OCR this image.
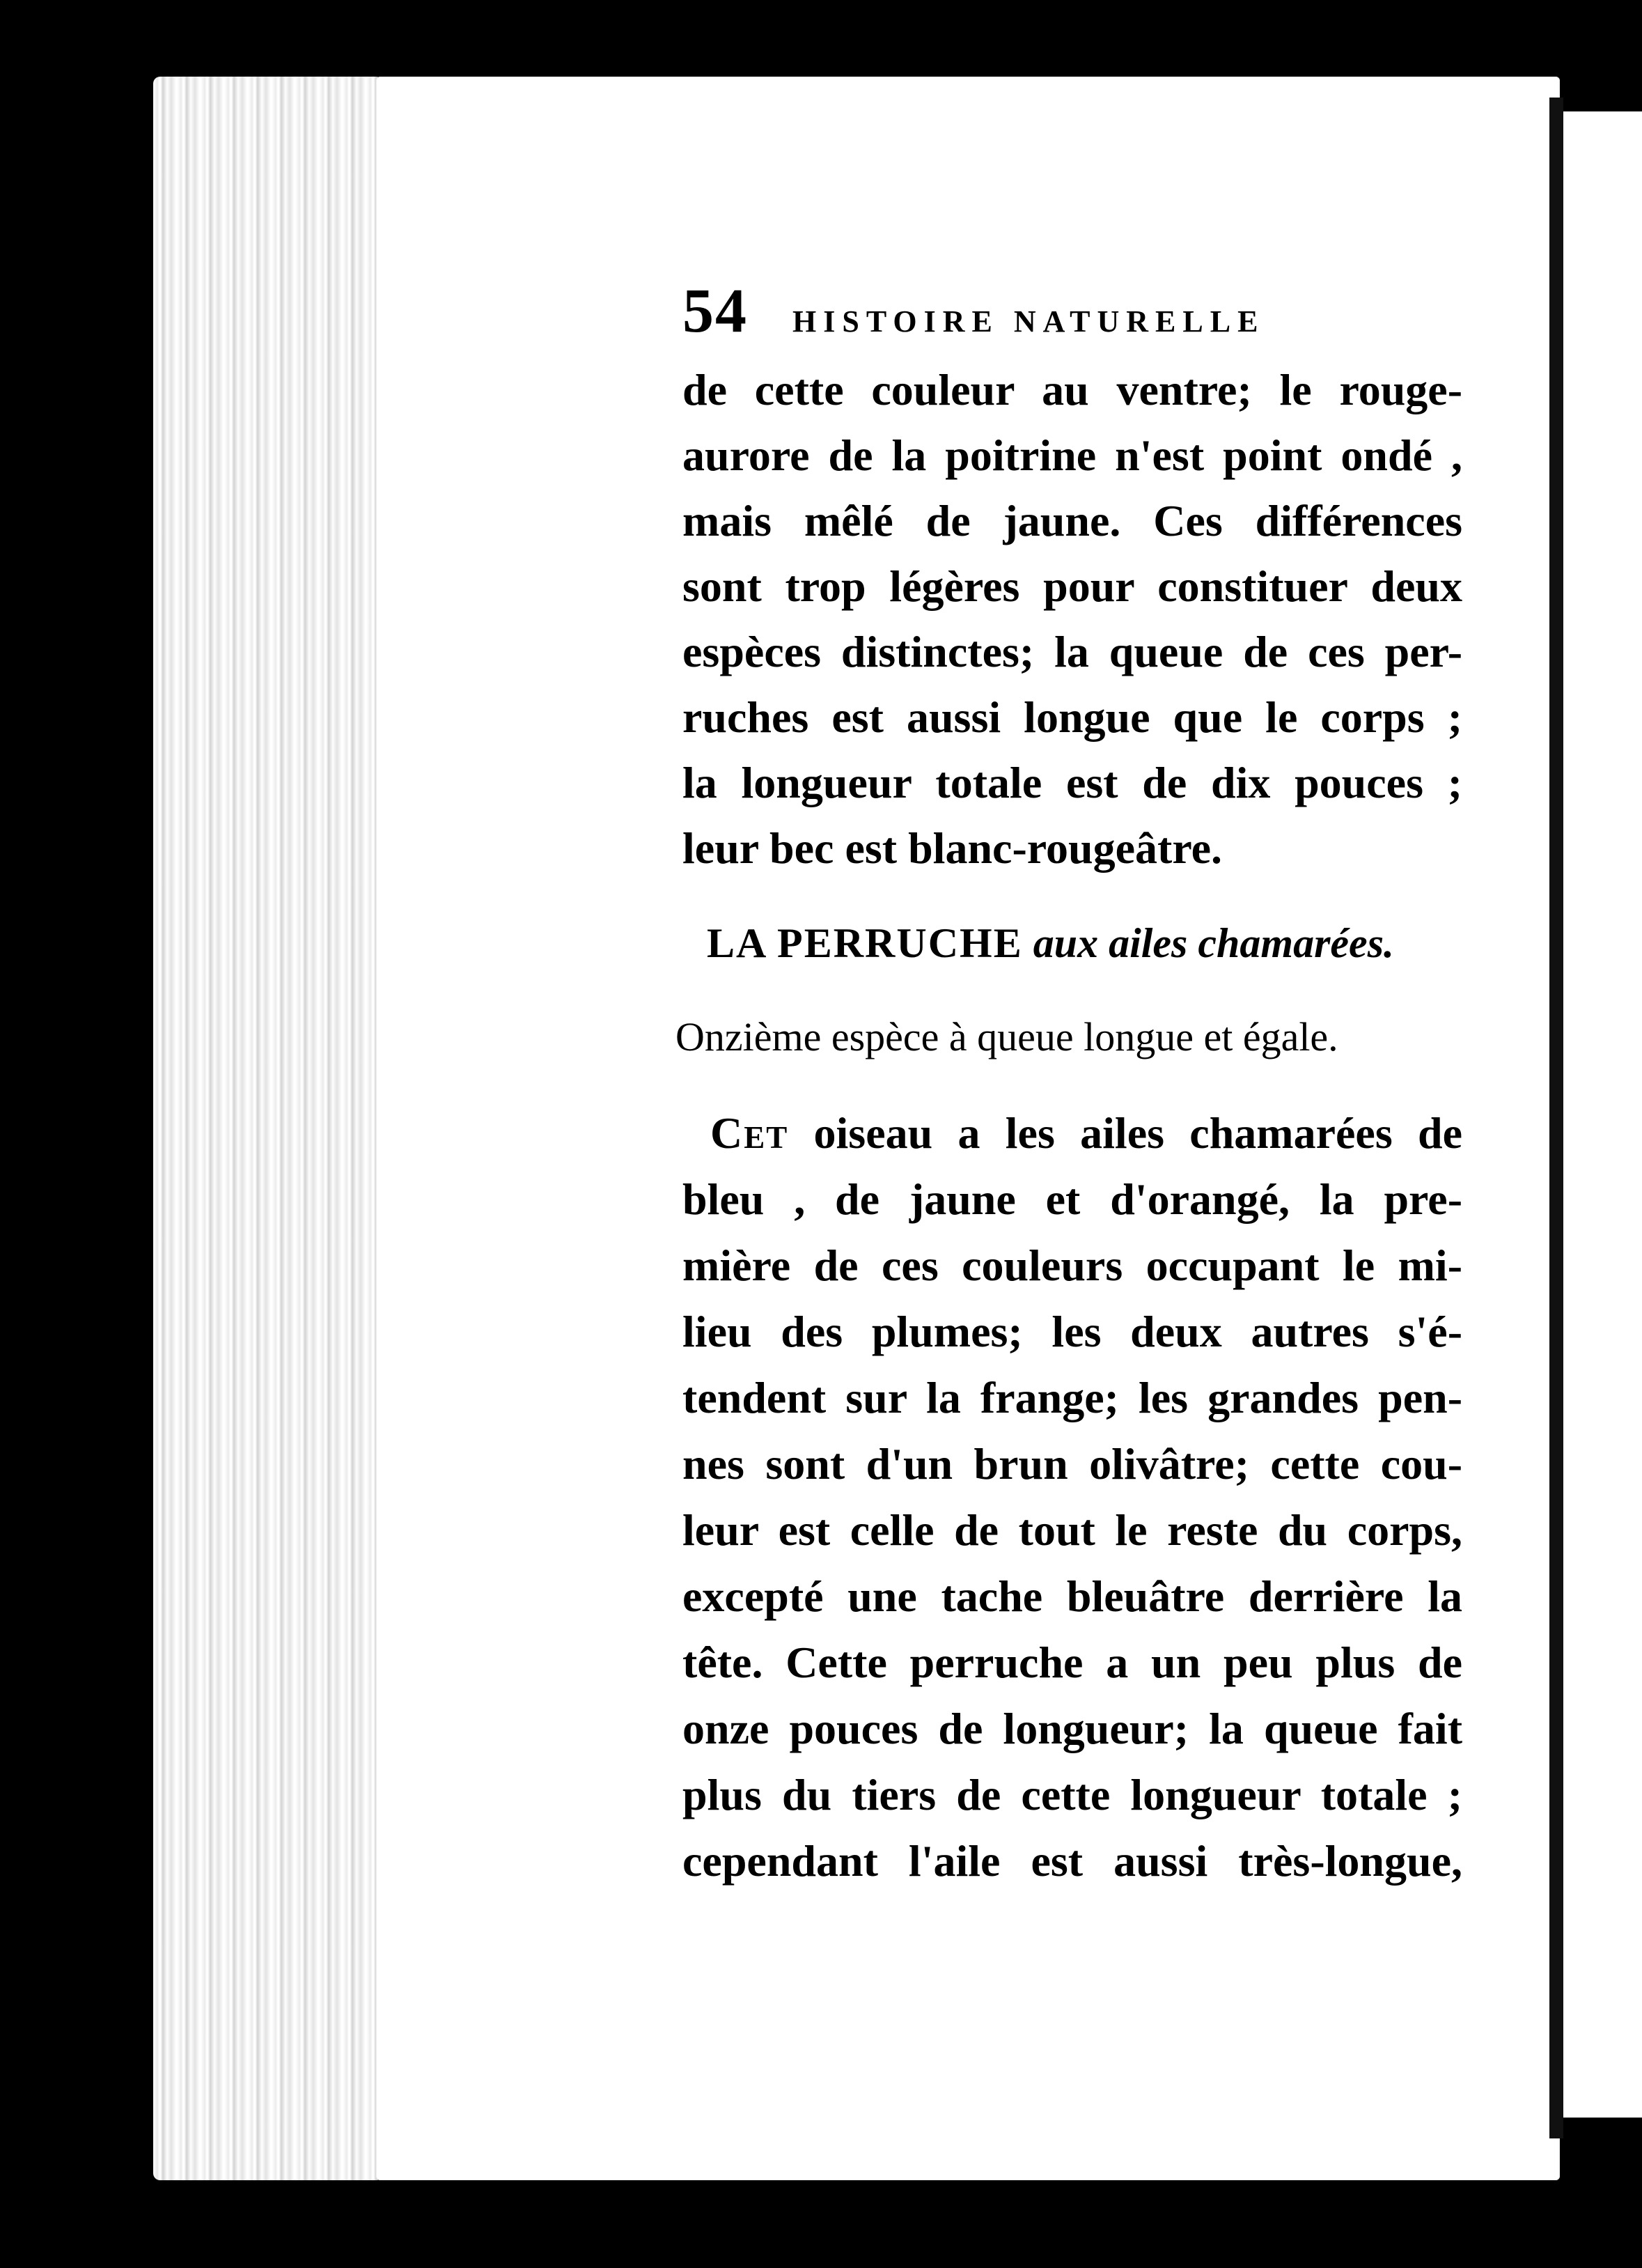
54 HISTOIRE NATURELLE
de cette couleur au ventre; le rouge-
aurore de la poitrine n'est point ondé ,
mais mêlé de jaune. Ces différences
sont trop légères pour constituer deux
espèces distinctes; la queue de ces per-
ruches est aussi longue que le corps ;
la longueur totale est de dix pouces ;
leur bec est blanc-rougeâtre.
LA PERRUCHE aux ailes chamarées.
Onzième espèce à queue longue et égale.
Cet oiseau a les ailes chamarées de
bleu , de jaune et d'orangé, la pre-
mière de ces couleurs occupant le mi-
lieu des plumes; les deux autres s'é-
tendent sur la frange; les grandes pen-
nes sont d'un brun olivâtre; cette cou-
leur est celle de tout le reste du corps,
excepté une tache bleuâtre derrière la
tête. Cette perruche a un peu plus de
onze pouces de longueur; la queue fait
plus du tiers de cette longueur totale ;
cependant l'aile est aussi très-longue,
